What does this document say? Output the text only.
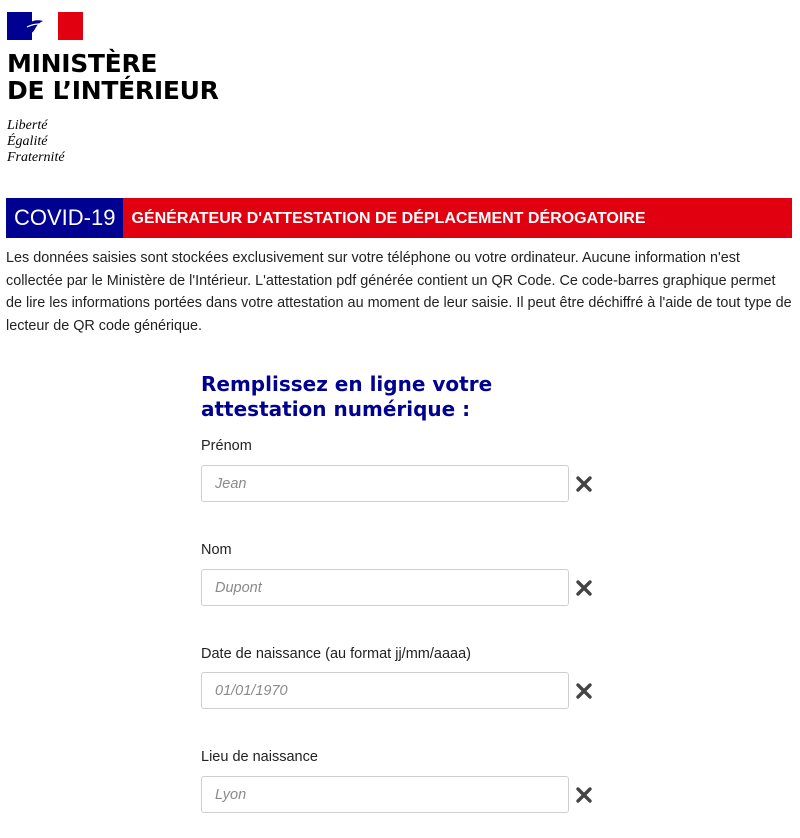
MINISTÈRE
DE L’INTÉRIEUR
Liberté
Égalité
Fraternité
COVID-19	GÉNÉRATEUR D'ATTESTATION DE DÉPLACEMENT DÉROGATOIRE

Les données saisies sont stockées exclusivement sur votre téléphone ou votre ordinateur. Aucune information n'est collectée par le Ministère de l'Intérieur. L'attestation pdf générée contient un QR Code. Ce code-barres graphique permet de lire les informations portées dans votre attestation au moment de leur saisie. Il peut être déchiffré à l'aide de tout type de lecteur de QR code générique.

Remplissez en ligne votre attestation numérique :
Prénom
Jean
Nom
Dupont
Date de naissance (au format jj/mm/aaaa)
01/01/1970
Lieu de naissance
Lyon
